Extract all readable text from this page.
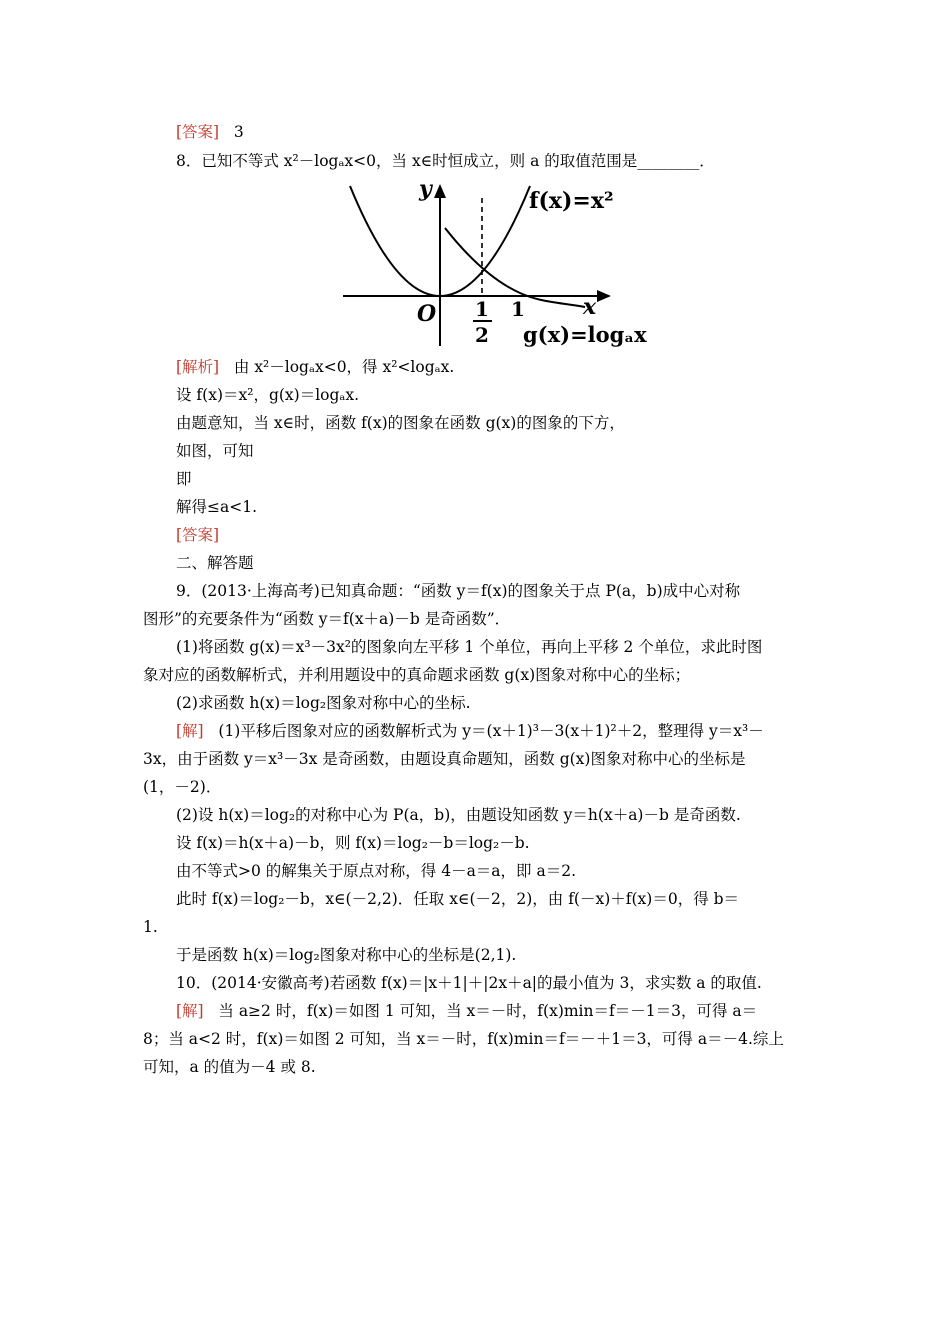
[答案] 3
8．已知不等式 x²－logₐx<0，当 x∈时恒成立，则 a 的取值范围是________．
y
x
O 1
2
1
f(x)=x²
g(x)=logₐx
[解析] 由 x²－logₐx<0，得 x²<logₐx.
设 f(x)＝x²，g(x)＝logₐx.
由题意知，当 x∈时，函数 f(x)的图象在函数 g(x)的图象的下方，
如图，可知
即
解得≤a<1.
[答案]
二、解答题
9．(2013·上海高考)已知真命题：“函数 y＝f(x)的图象关于点 P(a，b)成中心对称
图形”的充要条件为“函数 y＝f(x＋a)－b 是奇函数”．
(1)将函数 g(x)＝x³－3x²的图象向左平移 1 个单位，再向上平移 2 个单位，求此时图
象对应的函数解析式，并利用题设中的真命题求函数 g(x)图象对称中心的坐标；
(2)求函数 h(x)＝log₂图象对称中心的坐标.
[解] (1)平移后图象对应的函数解析式为 y＝(x＋1)³－3(x＋1)²＋2，整理得 y＝x³－
3x，由于函数 y＝x³－3x 是奇函数，由题设真命题知，函数 g(x)图象对称中心的坐标是
(1，－2)．
(2)设 h(x)＝log₂的对称中心为 P(a，b)，由题设知函数 y＝h(x＋a)－b 是奇函数.
设 f(x)＝h(x＋a)－b，则 f(x)＝log₂－b＝log₂－b.
由不等式>0 的解集关于原点对称，得 4－a＝a，即 a＝2.
此时 f(x)＝log₂－b，x∈(－2,2)．任取 x∈(－2，2)，由 f(－x)＋f(x)＝0，得 b＝
1.
于是函数 h(x)＝log₂图象对称中心的坐标是(2,1).
10．(2014·安徽高考)若函数 f(x)＝|x＋1|＋|2x＋a|的最小值为 3，求实数 a 的取值.
[解] 当 a≥2 时，f(x)＝如图 1 可知，当 x＝－时，f(x)min＝f＝－1＝3，可得 a＝
8；当 a<2 时，f(x)＝如图 2 可知，当 x＝－时，f(x)min＝f＝－＋1＝3，可得 a＝－4.综上
可知，a 的值为－4 或 8.
